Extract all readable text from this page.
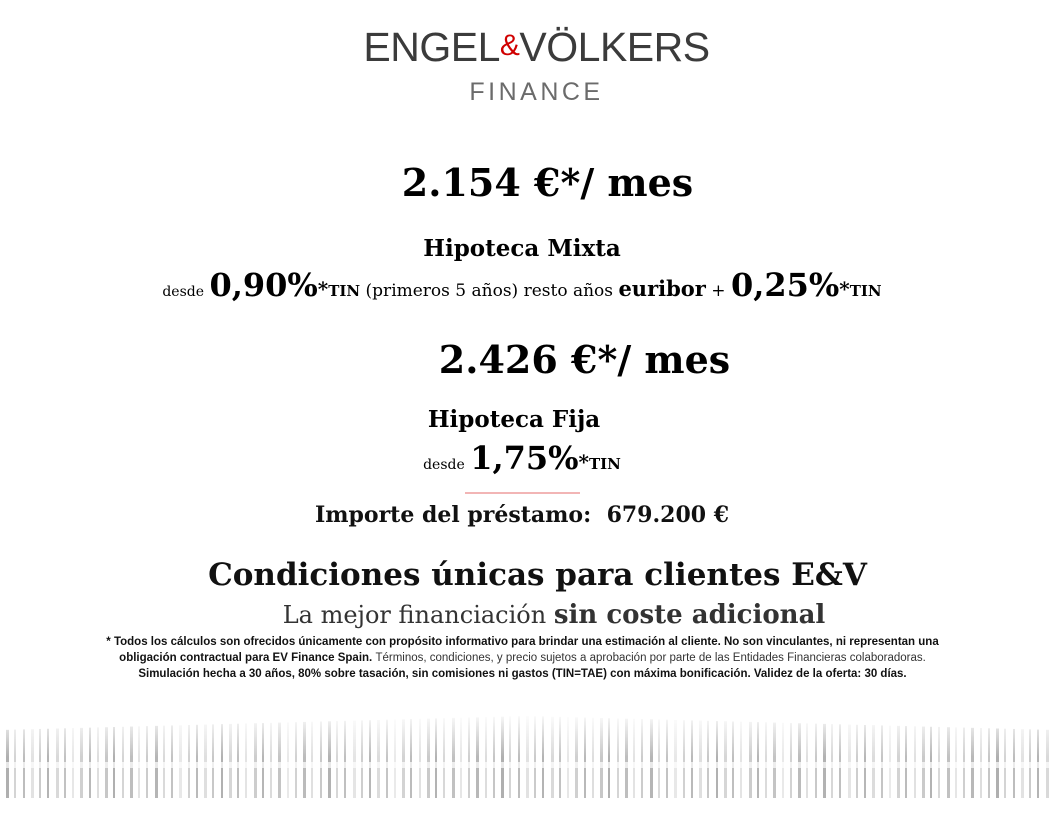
ENGEL&VÖLKERS
FINANCE
2.154 €*/ mes
Hipoteca Mixta
desde 0,90%*TIN (primeros 5 años) resto años euribor + 0,25%*TIN
2.426 €*/ mes
Hipoteca Fija
desde 1,75%*TIN
Importe del préstamo: 679.200 €
Condiciones únicas para clientes E&V
La mejor financiación sin coste adicional
* Todos los cálculos son ofrecidos únicamente con propósito informativo para brindar una estimación al cliente. No son vinculantes, ni representan una
obligación contractual para EV Finance Spain. Términos, condiciones, y precio sujetos a aprobación por parte de las Entidades Financieras colaboradoras.
Simulación hecha a 30 años, 80% sobre tasación, sin comisiones ni gastos (TIN=TAE) con máxima bonificación. Validez de la oferta: 30 días.
